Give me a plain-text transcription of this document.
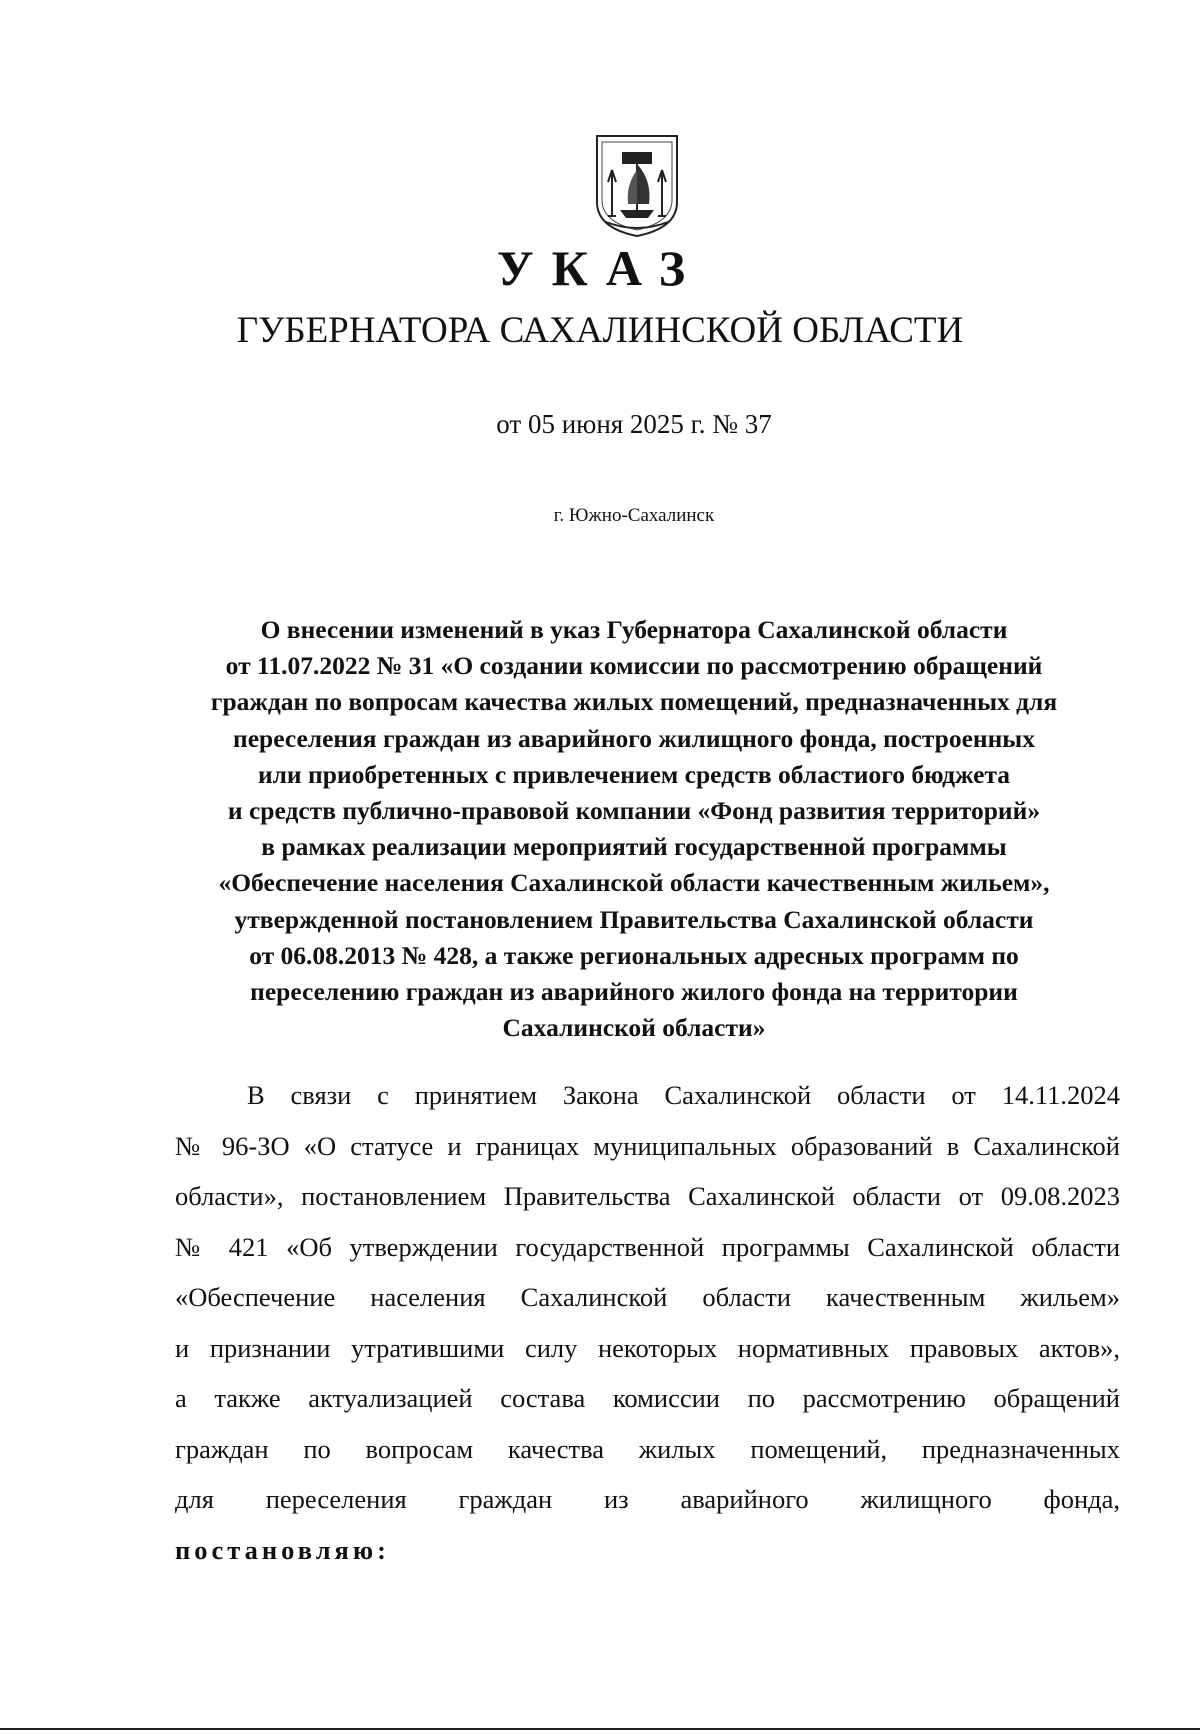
УКАЗ
ГУБЕРНАТОРА САХАЛИНСКОЙ ОБЛАСТИ
от 05 июня 2025 г. № 37
г. Южно-Сахалинск
О внесении изменений в указ Губернатора Сахалинской области
от 11.07.2022 № 31 «О создании комиссии по рассмотрению обращений
граждан по вопросам качества жилых помещений, предназначенных для
переселения граждан из аварийного жилищного фонда, построенных
или приобретенных с привлечением средств областиого бюджета
и средств публично-правовой компании «Фонд развития территорий»
в рамках реализации мероприятий государственной программы
«Обеспечение населения Сахалинской области качественным жильем»,
утвержденной постановлением Правительства Сахалинской области
от 06.08.2013 № 428, а также региональных адресных программ по
переселению граждан из аварийного жилого фонда на территории
Сахалинской области»
В связи с принятием Закона Сахалинской области от 14.11.2024
№ 96-ЗО «О статусе и границах муниципальных образований в Сахалинской
области», постановлением Правительства Сахалинской области от 09.08.2023
№ 421 «Об утверждении государственной программы Сахалинской области
«Обеспечение населения Сахалинской области качественным жильем»
и признании утратившими силу некоторых нормативных правовых актов»,
а также актуализацией состава комиссии по рассмотрению обращений
граждан по вопросам качества жилых помещений, предназначенных
для переселения граждан из аварийного жилищного фонда,
постановляю:
